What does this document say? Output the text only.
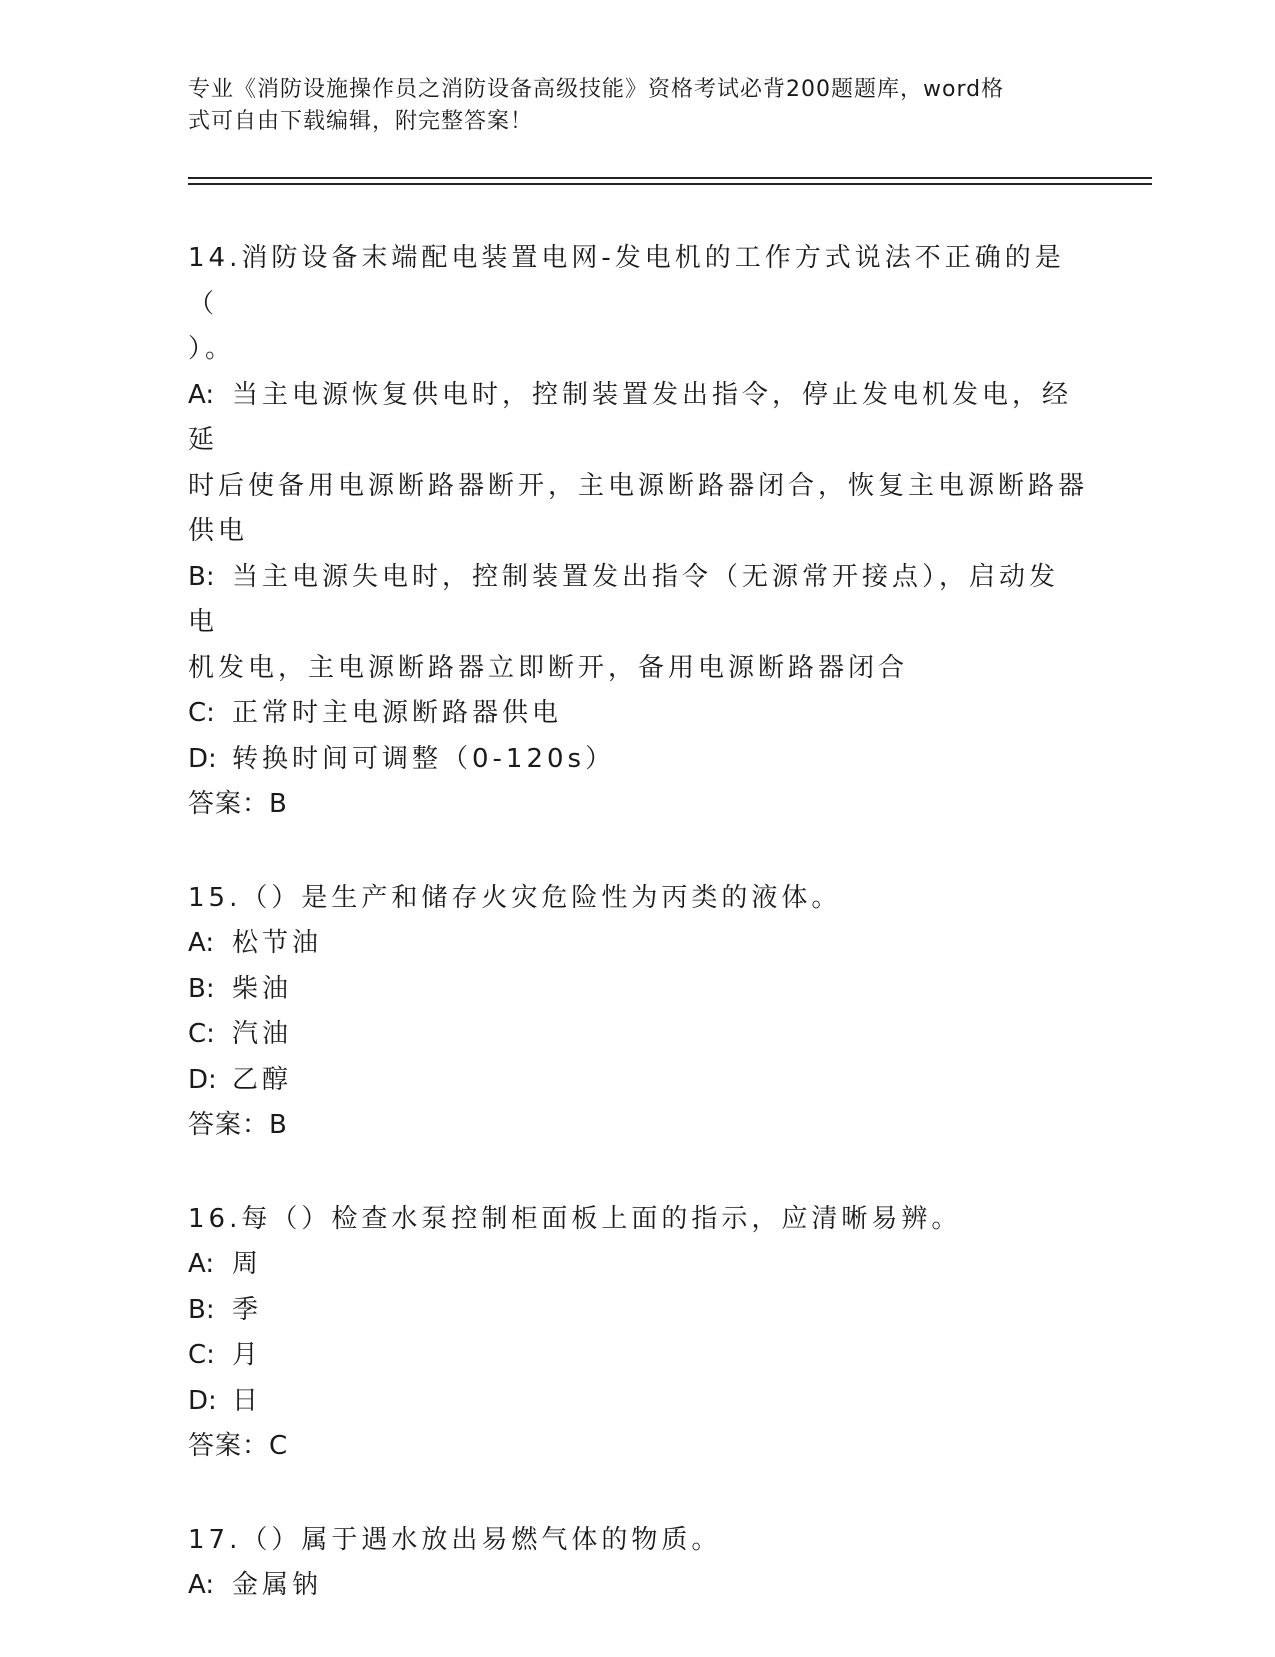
专业《消防设施操作员之消防设备高级技能》资格考试必背200题题库，word格
式可自由下载编辑，附完整答案！
14.消防设备末端配电装置电网-发电机的工作方式说法不正确的是（
）。
A: 当主电源恢复供电时，控制装置发出指令，停止发电机发电，经延
时后使备用电源断路器断开，主电源断路器闭合，恢复主电源断路器
供电
B: 当主电源失电时，控制装置发出指令（无源常开接点），启动发电
机发电，主电源断路器立即断开，备用电源断路器闭合
C: 正常时主电源断路器供电
D: 转换时间可调整（0-120s）
答案：B
15.（）是生产和储存火灾危险性为丙类的液体。
A: 松节油
B: 柴油
C: 汽油
D: 乙醇
答案：B
16.每（）检查水泵控制柜面板上面的指示，应清晰易辨。
A: 周
B: 季
C: 月
D: 日
答案：C
17.（）属于遇水放出易燃气体的物质。
A: 金属钠
